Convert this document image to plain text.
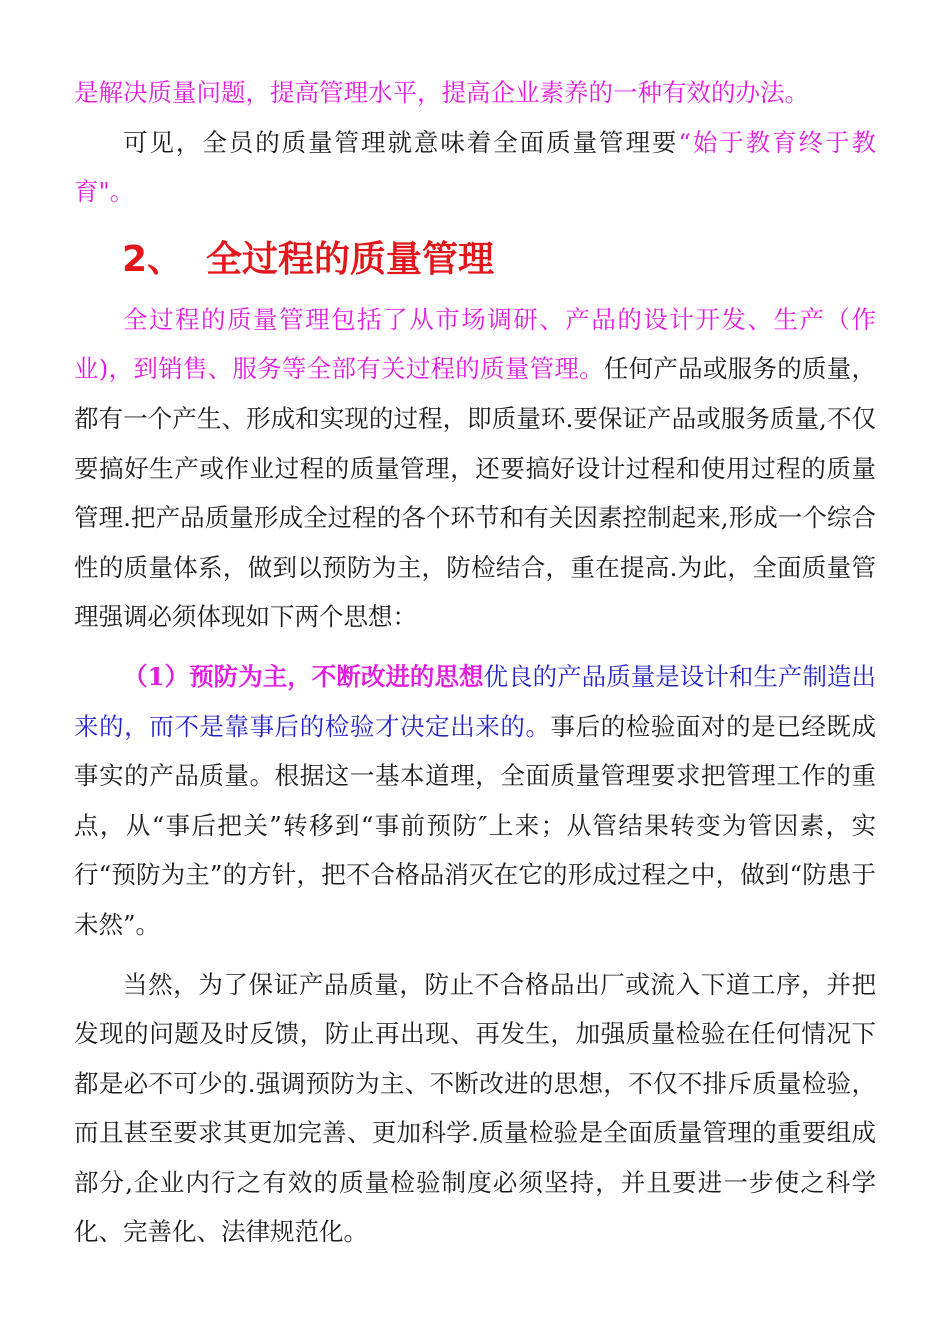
是解决质量问题，提高管理水平，提高企业素养的一种有效的办法。

可见，全员的质量管理就意味着全面质量管理要“始于教育终于教育"。

2、 全过程的质量管理

全过程的质量管理包括了从市场调研、产品的设计开发、生产（作业)，到销售、服务等全部有关过程的质量管理。任何产品或服务的质量，都有一个产生、形成和实现的过程，即质量环.要保证产品或服务质量,不仅要搞好生产或作业过程的质量管理，还要搞好设计过程和使用过程的质量管理.把产品质量形成全过程的各个环节和有关因素控制起来,形成一个综合性的质量体系，做到以预防为主，防检结合，重在提高.为此，全面质量管理强调必须体现如下两个思想：

（1）预防为主，不断改进的思想优良的产品质量是设计和生产制造出来的，而不是靠事后的检验才决定出来的。事后的检验面对的是已经既成事实的产品质量。根据这一基本道理，全面质量管理要求把管理工作的重点，从“事后把关”转移到“事前预防″上来；从管结果转变为管因素，实行“预防为主”的方针，把不合格品消灭在它的形成过程之中，做到“防患于未然”。

当然，为了保证产品质量，防止不合格品出厂或流入下道工序，并把发现的问题及时反馈，防止再出现、再发生，加强质量检验在任何情况下都是必不可少的.强调预防为主、不断改进的思想，不仅不排斥质量检验，而且甚至要求其更加完善、更加科学.质量检验是全面质量管理的重要组成部分,企业内行之有效的质量检验制度必须坚持，并且要进一步使之科学化、完善化、法律规范化。
